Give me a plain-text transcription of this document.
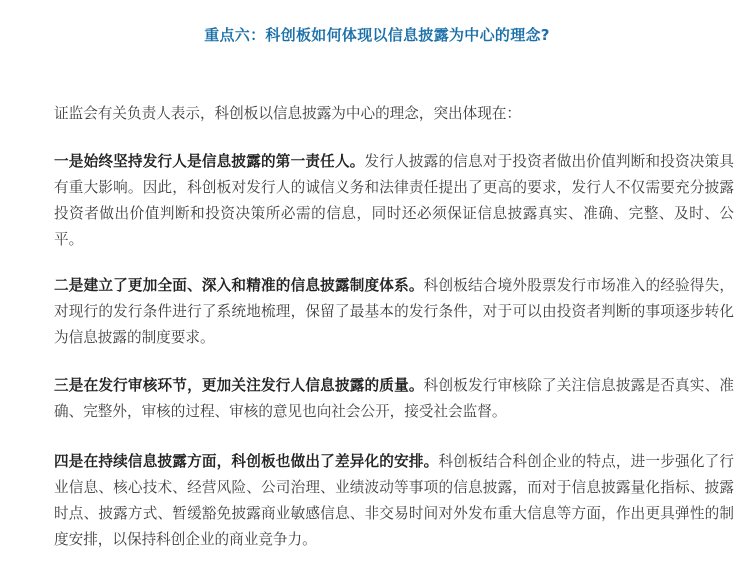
重点六：科创板如何体现以信息披露为中心的理念?
证监会有关负责人表示，科创板以信息披露为中心的理念，突出体现在：
一是始终坚持发行人是信息披露的第一责任人。发行人披露的信息对于投资者做出价值判断和投资决策具有重大影响。因此，科创板对发行人的诚信义务和法律责任提出了更高的要求，发行人不仅需要充分披露投资者做出价值判断和投资决策所必需的信息，同时还必须保证信息披露真实、准确、完整、及时、公平。
二是建立了更加全面、深入和精准的信息披露制度体系。科创板结合境外股票发行市场准入的经验得失，对现行的发行条件进行了系统地梳理，保留了最基本的发行条件，对于可以由投资者判断的事项逐步转化为信息披露的制度要求。
三是在发行审核环节，更加关注发行人信息披露的质量。科创板发行审核除了关注信息披露是否真实、准确、完整外，审核的过程、审核的意见也向社会公开，接受社会监督。
四是在持续信息披露方面，科创板也做出了差异化的安排。科创板结合科创企业的特点，进一步强化了行业信息、核心技术、经营风险、公司治理、业绩波动等事项的信息披露，而对于信息披露量化指标、披露时点、披露方式、暂缓豁免披露商业敏感信息、非交易时间对外发布重大信息等方面，作出更具弹性的制度安排，以保持科创企业的商业竞争力。
